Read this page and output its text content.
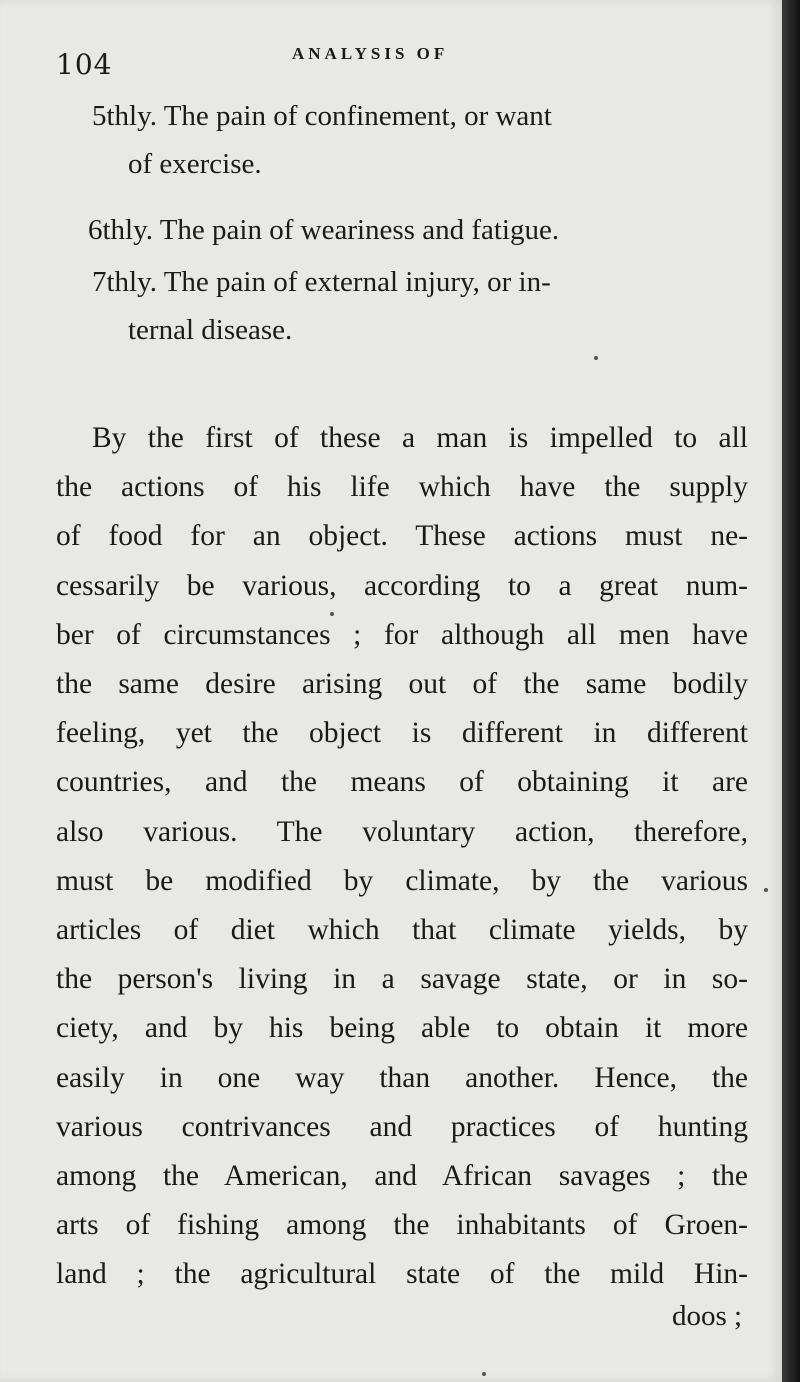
104	ANALYSIS OF
5thly. The pain of confinement, or want
of exercise.
6thly. The pain of weariness and fatigue.
7thly. The pain of external injury, or in-
ternal disease.
By the first of these a man is impelled to all
the actions of his life which have the supply
of food for an object. These actions must ne-
cessarily be various, according to a great num-
ber of circumstances ; for although all men have
the same desire arising out of the same bodily
feeling, yet the object is different in different
countries, and the means of obtaining it are
also various. The voluntary action, therefore,
must be modified by climate, by the various
articles of diet which that climate yields, by
the person's living in a savage state, or in so-
ciety, and by his being able to obtain it more
easily in one way than another. Hence, the
various contrivances and practices of hunting
among the American, and African savages ; the
arts of fishing among the inhabitants of Groen-
land ; the agricultural state of the mild Hin-
doos ;
